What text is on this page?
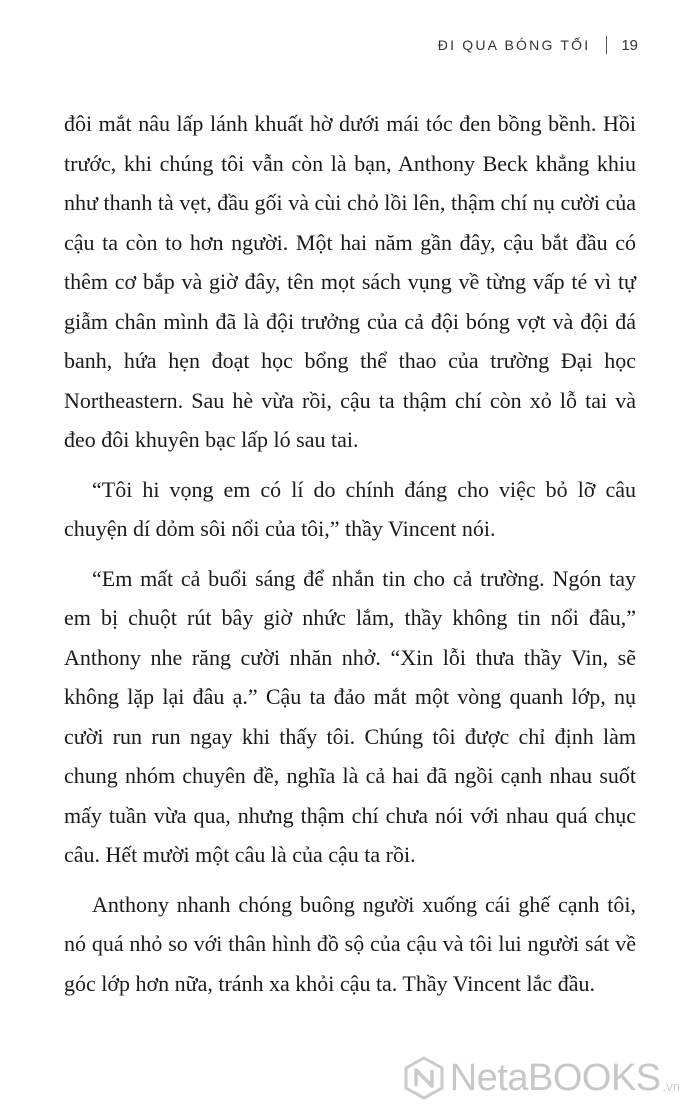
ĐI QUA BÓNG TỐI 19

đôi mắt nâu lấp lánh khuất hờ dưới mái tóc đen bồng bềnh. Hồi trước, khi chúng tôi vẫn còn là bạn, Anthony Beck khẳng khiu như thanh tà vẹt, đầu gối và cùi chỏ lồi lên, thậm chí nụ cười của cậu ta còn to hơn người. Một hai năm gần đây, cậu bắt đầu có thêm cơ bắp và giờ đây, tên mọt sách vụng về từng vấp té vì tự giẫm chân mình đã là đội trưởng của cả đội bóng vợt và đội đá banh, hứa hẹn đoạt học bổng thể thao của trường Đại học Northeastern. Sau hè vừa rồi, cậu ta thậm chí còn xỏ lỗ tai và đeo đôi khuyên bạc lấp ló sau tai.

“Tôi hi vọng em có lí do chính đáng cho việc bỏ lỡ câu chuyện dí dỏm sôi nổi của tôi,” thầy Vincent nói.

“Em mất cả buổi sáng để nhắn tin cho cả trường. Ngón tay em bị chuột rút bây giờ nhức lắm, thầy không tin nổi đâu,” Anthony nhe răng cười nhăn nhở. “Xin lỗi thưa thầy Vin, sẽ không lặp lại đâu ạ.” Cậu ta đảo mắt một vòng quanh lớp, nụ cười run run ngay khi thấy tôi. Chúng tôi được chỉ định làm chung nhóm chuyên đề, nghĩa là cả hai đã ngồi cạnh nhau suốt mấy tuần vừa qua, nhưng thậm chí chưa nói với nhau quá chục câu. Hết mười một câu là của cậu ta rồi.

Anthony nhanh chóng buông người xuống cái ghế cạnh tôi, nó quá nhỏ so với thân hình đồ sộ của cậu và tôi lui người sát về góc lớp hơn nữa, tránh xa khỏi cậu ta. Thầy Vincent lắc đầu.

NetaBOOKS .vn
